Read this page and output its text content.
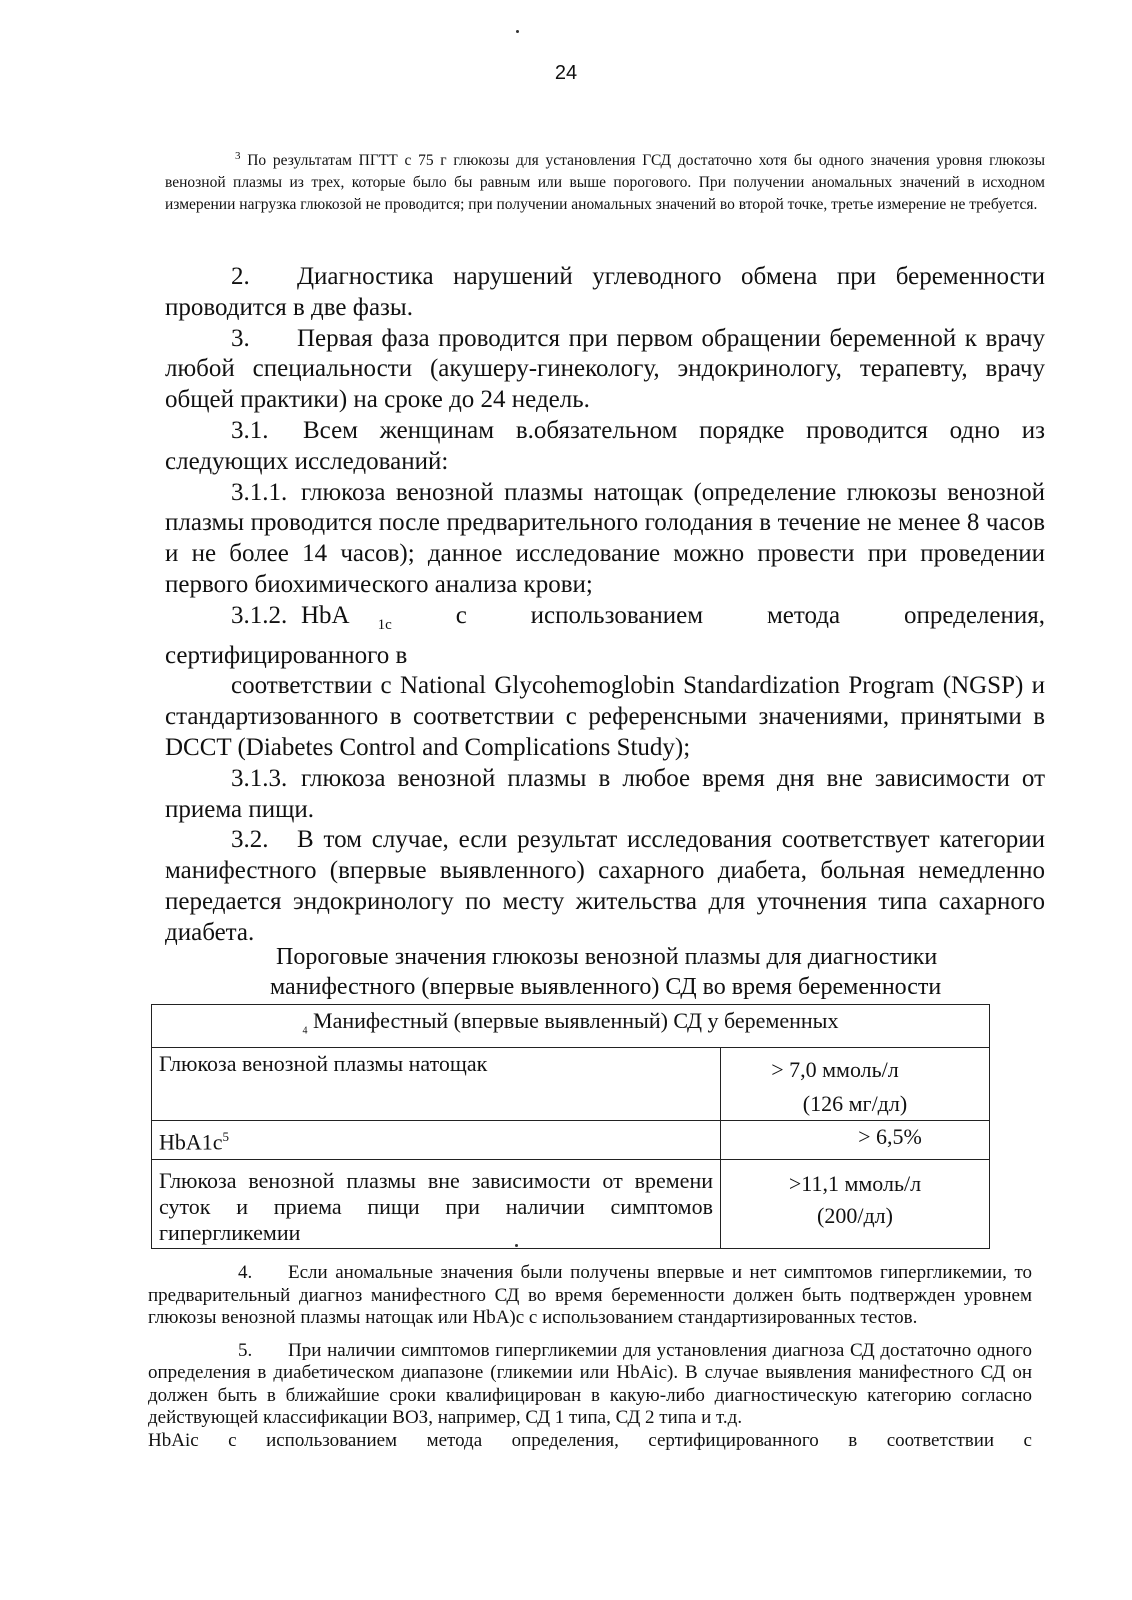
24

$^3$ По результатам ПГТТ с 75 г глюкозы для установления ГСД достаточно хотя бы одного значения уровня глюкозы венозной плазмы из трех, которые было бы равным или выше порогового. При получении аномальных значений в исходном измерении нагрузка глюкозой не проводится; при получении аномальных значений во второй точке, третье измерение не требуется.

2. Диагностика нарушений углеводного обмена при беременности проводится в две фазы.

3. Первая фаза проводится при первом обращении беременной к врачу любой специальности (акушеру-гинекологу, эндокринологу, терапевту, врачу общей практики) на сроке до 24 недель.

3.1. Всем женщинам в.обязательном порядке проводится одно из следующих исследований:

3.1.1. глюкоза венозной плазмы натощак (определение глюкозы венозной плазмы проводится после предварительного голодания в течение не менее 8 часов и не более 14 часов); данное исследование можно провести при проведении первого биохимического анализа крови;

3.1.2. HbA $_{1c}$	с использованием метода определения,

сертифицированного в

соответствии с National Glycohemoglobin Standardization Program (NGSP) и стандартизованного в соответствии с референсными значениями, принятыми в DCCT (Diabetes Control and Complications Study);

3.1.3. глюкоза венозной плазмы в любое время дня вне зависимости от приема пищи.

3.2. В том случае, если результат исследования соответствует категории манифестного (впервые выявленного) сахарного диабета, больная немедленно передается эндокринологу по месту жительства для уточнения типа сахарного диабета.

Пороговые значения глюкозы венозной плазмы для диагностики
манифестного (впервые выявленного) СД во время беременности
$_4$ Манифестный (впервые выявленный) СД у беременных	
Глюкоза венозной плазмы натощак	> 7,0 ммоль/л
(126 мг/дл)

$HbA1c^5$	> 6,5%

Глюкоза венозной плазмы вне зависимости от времени суток и приема пищи при наличии симптомов гипергликемии	>11,1 ммоль/л
(200/дл)

4. Если аномальные значения были получены впервые и нет симптомов гипергликемии, то предварительный диагноз манифестного СД во время беременности должен быть подтвержден уровнем глюкозы венозной плазмы натощак или HbA)c с использованием стандартизированных тестов.

5. При наличии симптомов гипергликемии для установления диагноза СД достаточно одного определения в диабетическом диапазоне (гликемии или HbAic). В случае выявления манифестного СД он должен быть в ближайшие сроки квалифицирован в какую-либо диагностическую категорию согласно действующей классификации ВОЗ, например, СД 1 типа, СД 2 типа и т.д.

HbAic с использованием метода определения, сертифицированного в соответствии с
